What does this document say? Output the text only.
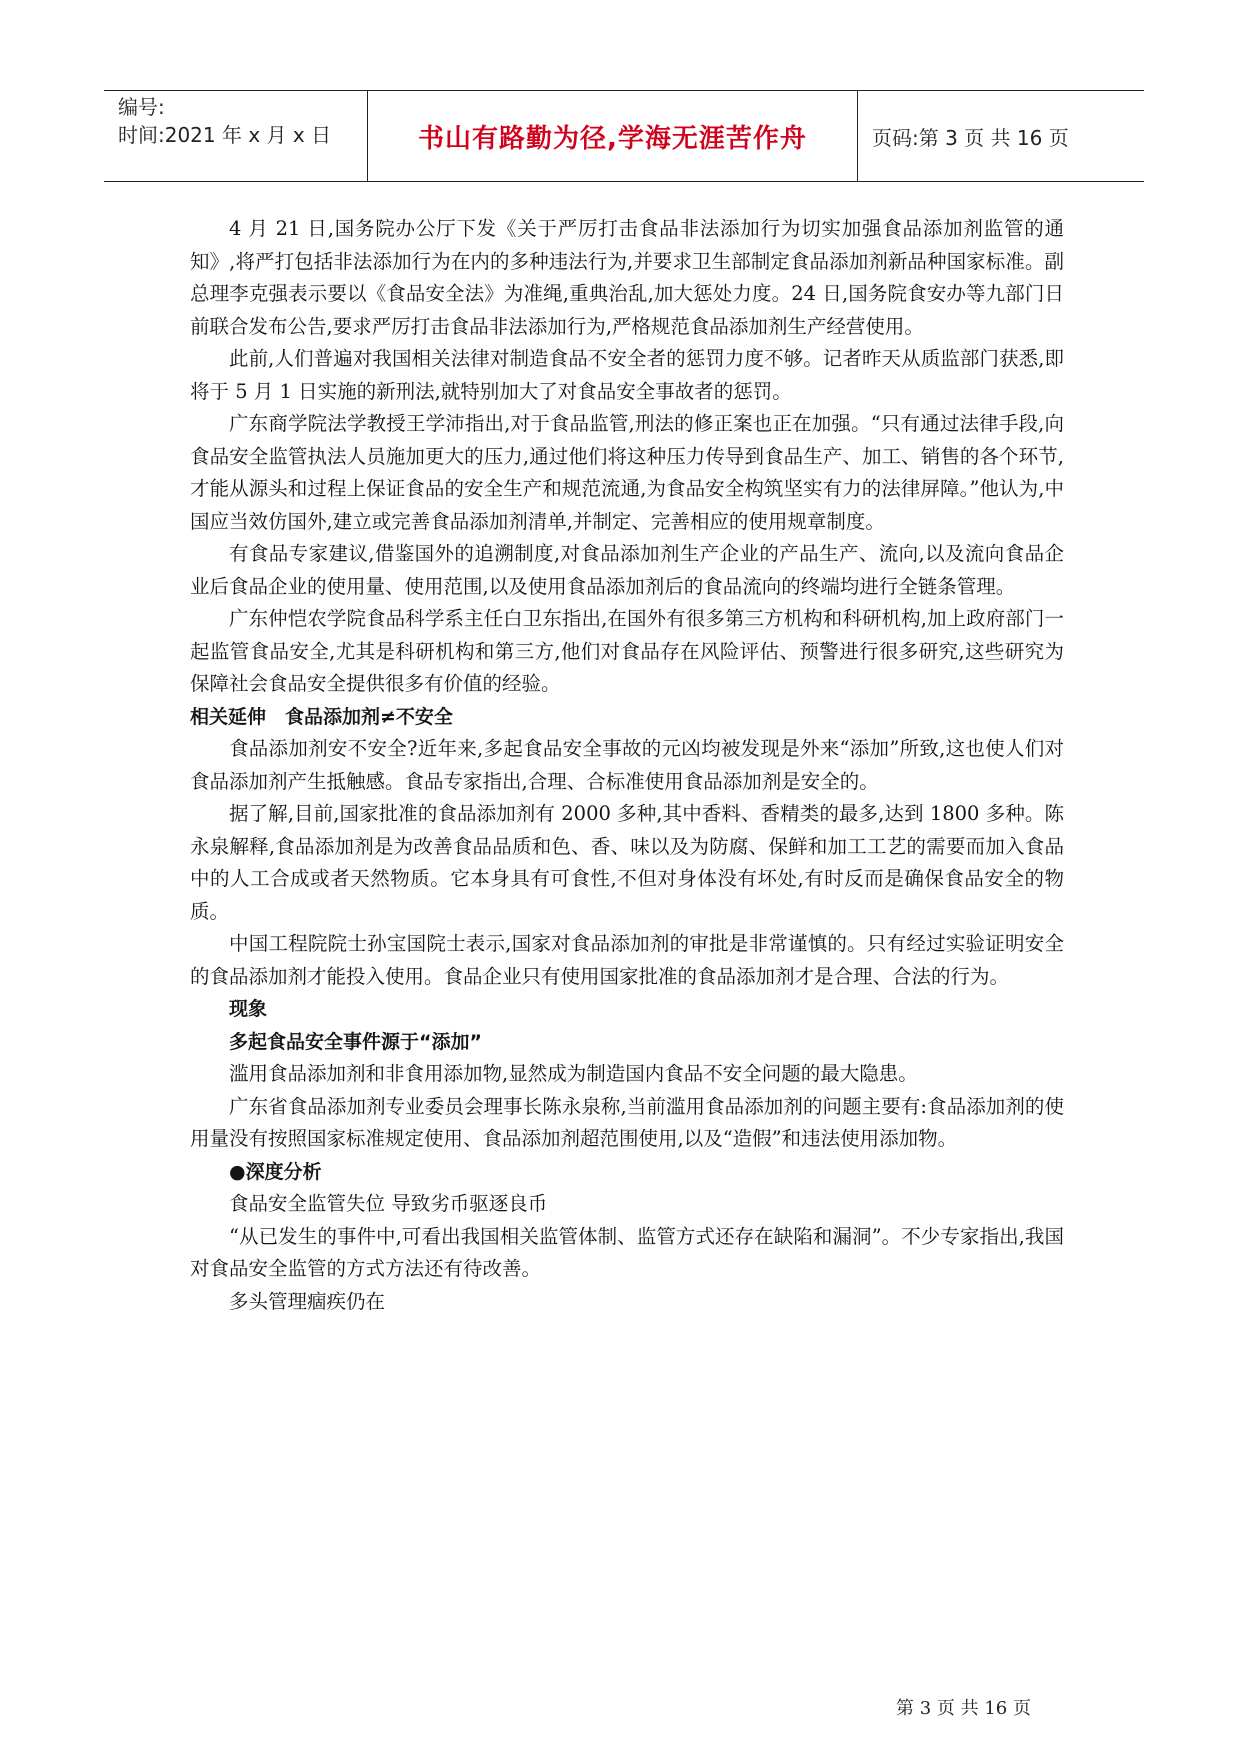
编号:
时间:2021 年 x 月 x 日	书山有路勤为径,学海无涯苦作舟	页码:第 3 页 共 16 页

4 月 21 日,国务院办公厅下发《关于严厉打击食品非法添加行为切实加强食品添加剂监管的通知》,将严打包括非法添加行为在内的多种违法行为,并要求卫生部制定食品添加剂新品种国家标准。副总理李克强表示要以《食品安全法》为准绳,重典治乱,加大惩处力度。24 日,国务院食安办等九部门日前联合发布公告,要求严厉打击食品非法添加行为,严格规范食品添加剂生产经营使用。

此前,人们普遍对我国相关法律对制造食品不安全者的惩罚力度不够。记者昨天从质监部门获悉,即将于 5 月 1 日实施的新刑法,就特别加大了对食品安全事故者的惩罚。

广东商学院法学教授王学沛指出,对于食品监管,刑法的修正案也正在加强。“只有通过法律手段,向食品安全监管执法人员施加更大的压力,通过他们将这种压力传导到食品生产、加工、销售的各个环节,才能从源头和过程上保证食品的安全生产和规范流通,为食品安全构筑坚实有力的法律屏障。”他认为,中国应当效仿国外,建立或完善食品添加剂清单,并制定、完善相应的使用规章制度。

有食品专家建议,借鉴国外的追溯制度,对食品添加剂生产企业的产品生产、流向,以及流向食品企业后食品企业的使用量、使用范围,以及使用食品添加剂后的食品流向的终端均进行全链条管理。

广东仲恺农学院食品科学系主任白卫东指出,在国外有很多第三方机构和科研机构,加上政府部门一起监管食品安全,尤其是科研机构和第三方,他们对食品存在风险评估、预警进行很多研究,这些研究为保障社会食品安全提供很多有价值的经验。

相关延伸　食品添加剂≠不安全

食品添加剂安不安全?近年来,多起食品安全事故的元凶均被发现是外来“添加”所致,这也使人们对食品添加剂产生抵触感。食品专家指出,合理、合标准使用食品添加剂是安全的。

据了解,目前,国家批准的食品添加剂有 2000 多种,其中香料、香精类的最多,达到 1800 多种。陈永泉解释,食品添加剂是为改善食品品质和色、香、味以及为防腐、保鲜和加工工艺的需要而加入食品中的人工合成或者天然物质。它本身具有可食性,不但对身体没有坏处,有时反而是确保食品安全的物质。

中国工程院院士孙宝国院士表示,国家对食品添加剂的审批是非常谨慎的。只有经过实验证明安全的食品添加剂才能投入使用。食品企业只有使用国家批准的食品添加剂才是合理、合法的行为。

现象

多起食品安全事件源于“添加”

滥用食品添加剂和非食用添加物,显然成为制造国内食品不安全问题的最大隐患。

广东省食品添加剂专业委员会理事长陈永泉称,当前滥用食品添加剂的问题主要有:食品添加剂的使用量没有按照国家标准规定使用、食品添加剂超范围使用,以及“造假”和违法使用添加物。

●深度分析

食品安全监管失位 导致劣币驱逐良币

“从已发生的事件中,可看出我国相关监管体制、监管方式还存在缺陷和漏洞”。不少专家指出,我国对食品安全监管的方式方法还有待改善。

多头管理痼疾仍在

第 3 页 共 16 页
